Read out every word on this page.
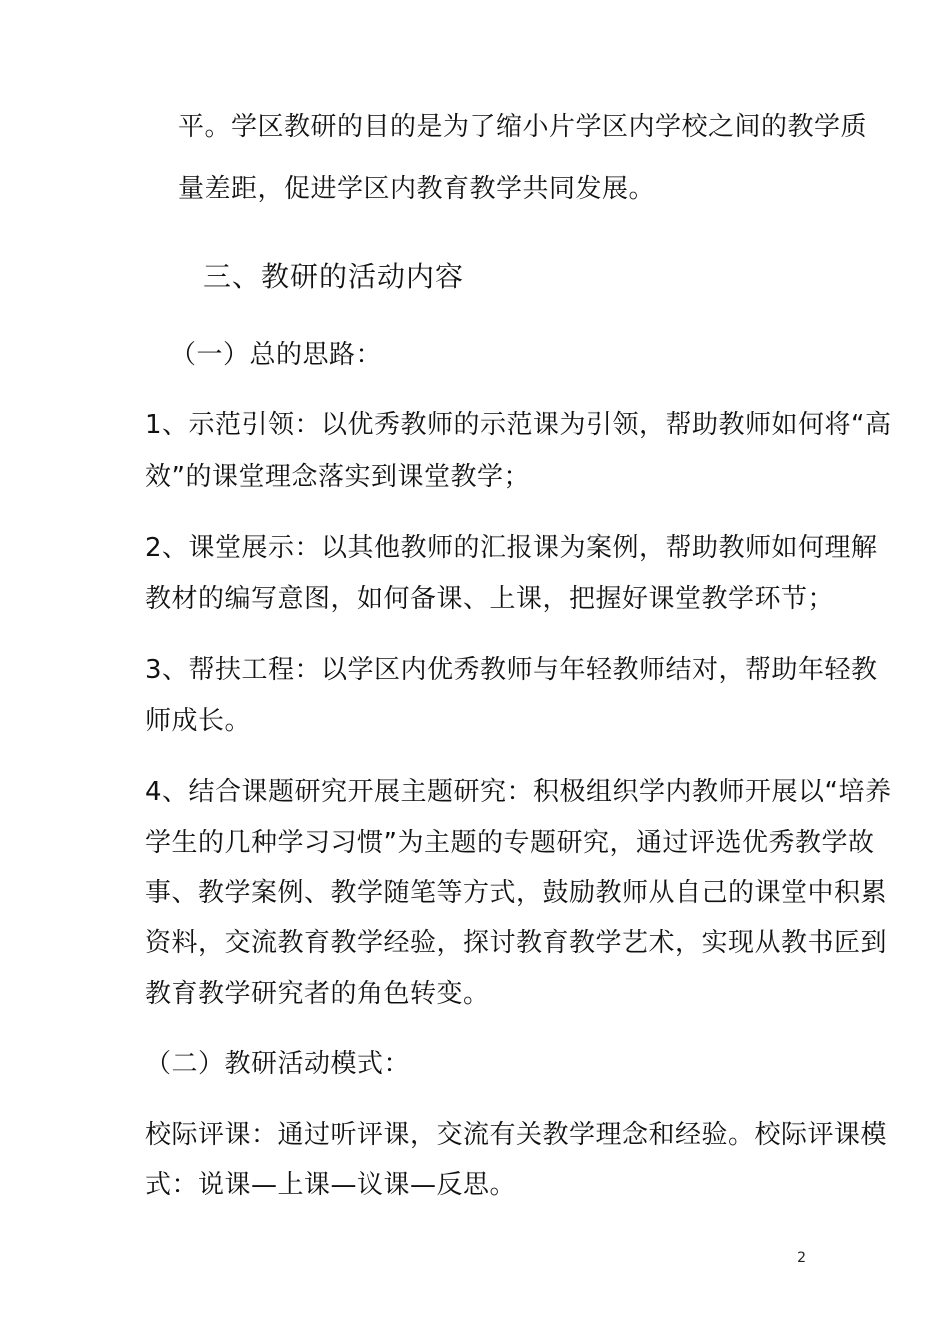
平。学区教研的目的是为了缩小片学区内学校之间的教学质
量差距，促进学区内教育教学共同发展。
三、教研的活动内容
（一）总的思路：
1、示范引领：以优秀教师的示范课为引领，帮助教师如何将“高
效”的课堂理念落实到课堂教学；
2、课堂展示：以其他教师的汇报课为案例，帮助教师如何理解
教材的编写意图，如何备课、上课，把握好课堂教学环节；
3、帮扶工程：以学区内优秀教师与年轻教师结对，帮助年轻教
师成长。
4、结合课题研究开展主题研究：积极组织学内教师开展以“培养
学生的几种学习习惯”为主题的专题研究，通过评选优秀教学故
事、教学案例、教学随笔等方式，鼓励教师从自己的课堂中积累
资料，交流教育教学经验，探讨教育教学艺术，实现从教书匠到
教育教学研究者的角色转变。
（二）教研活动模式：
校际评课：通过听评课，交流有关教学理念和经验。校际评课模
式：说课—上课—议课—反思。
2
